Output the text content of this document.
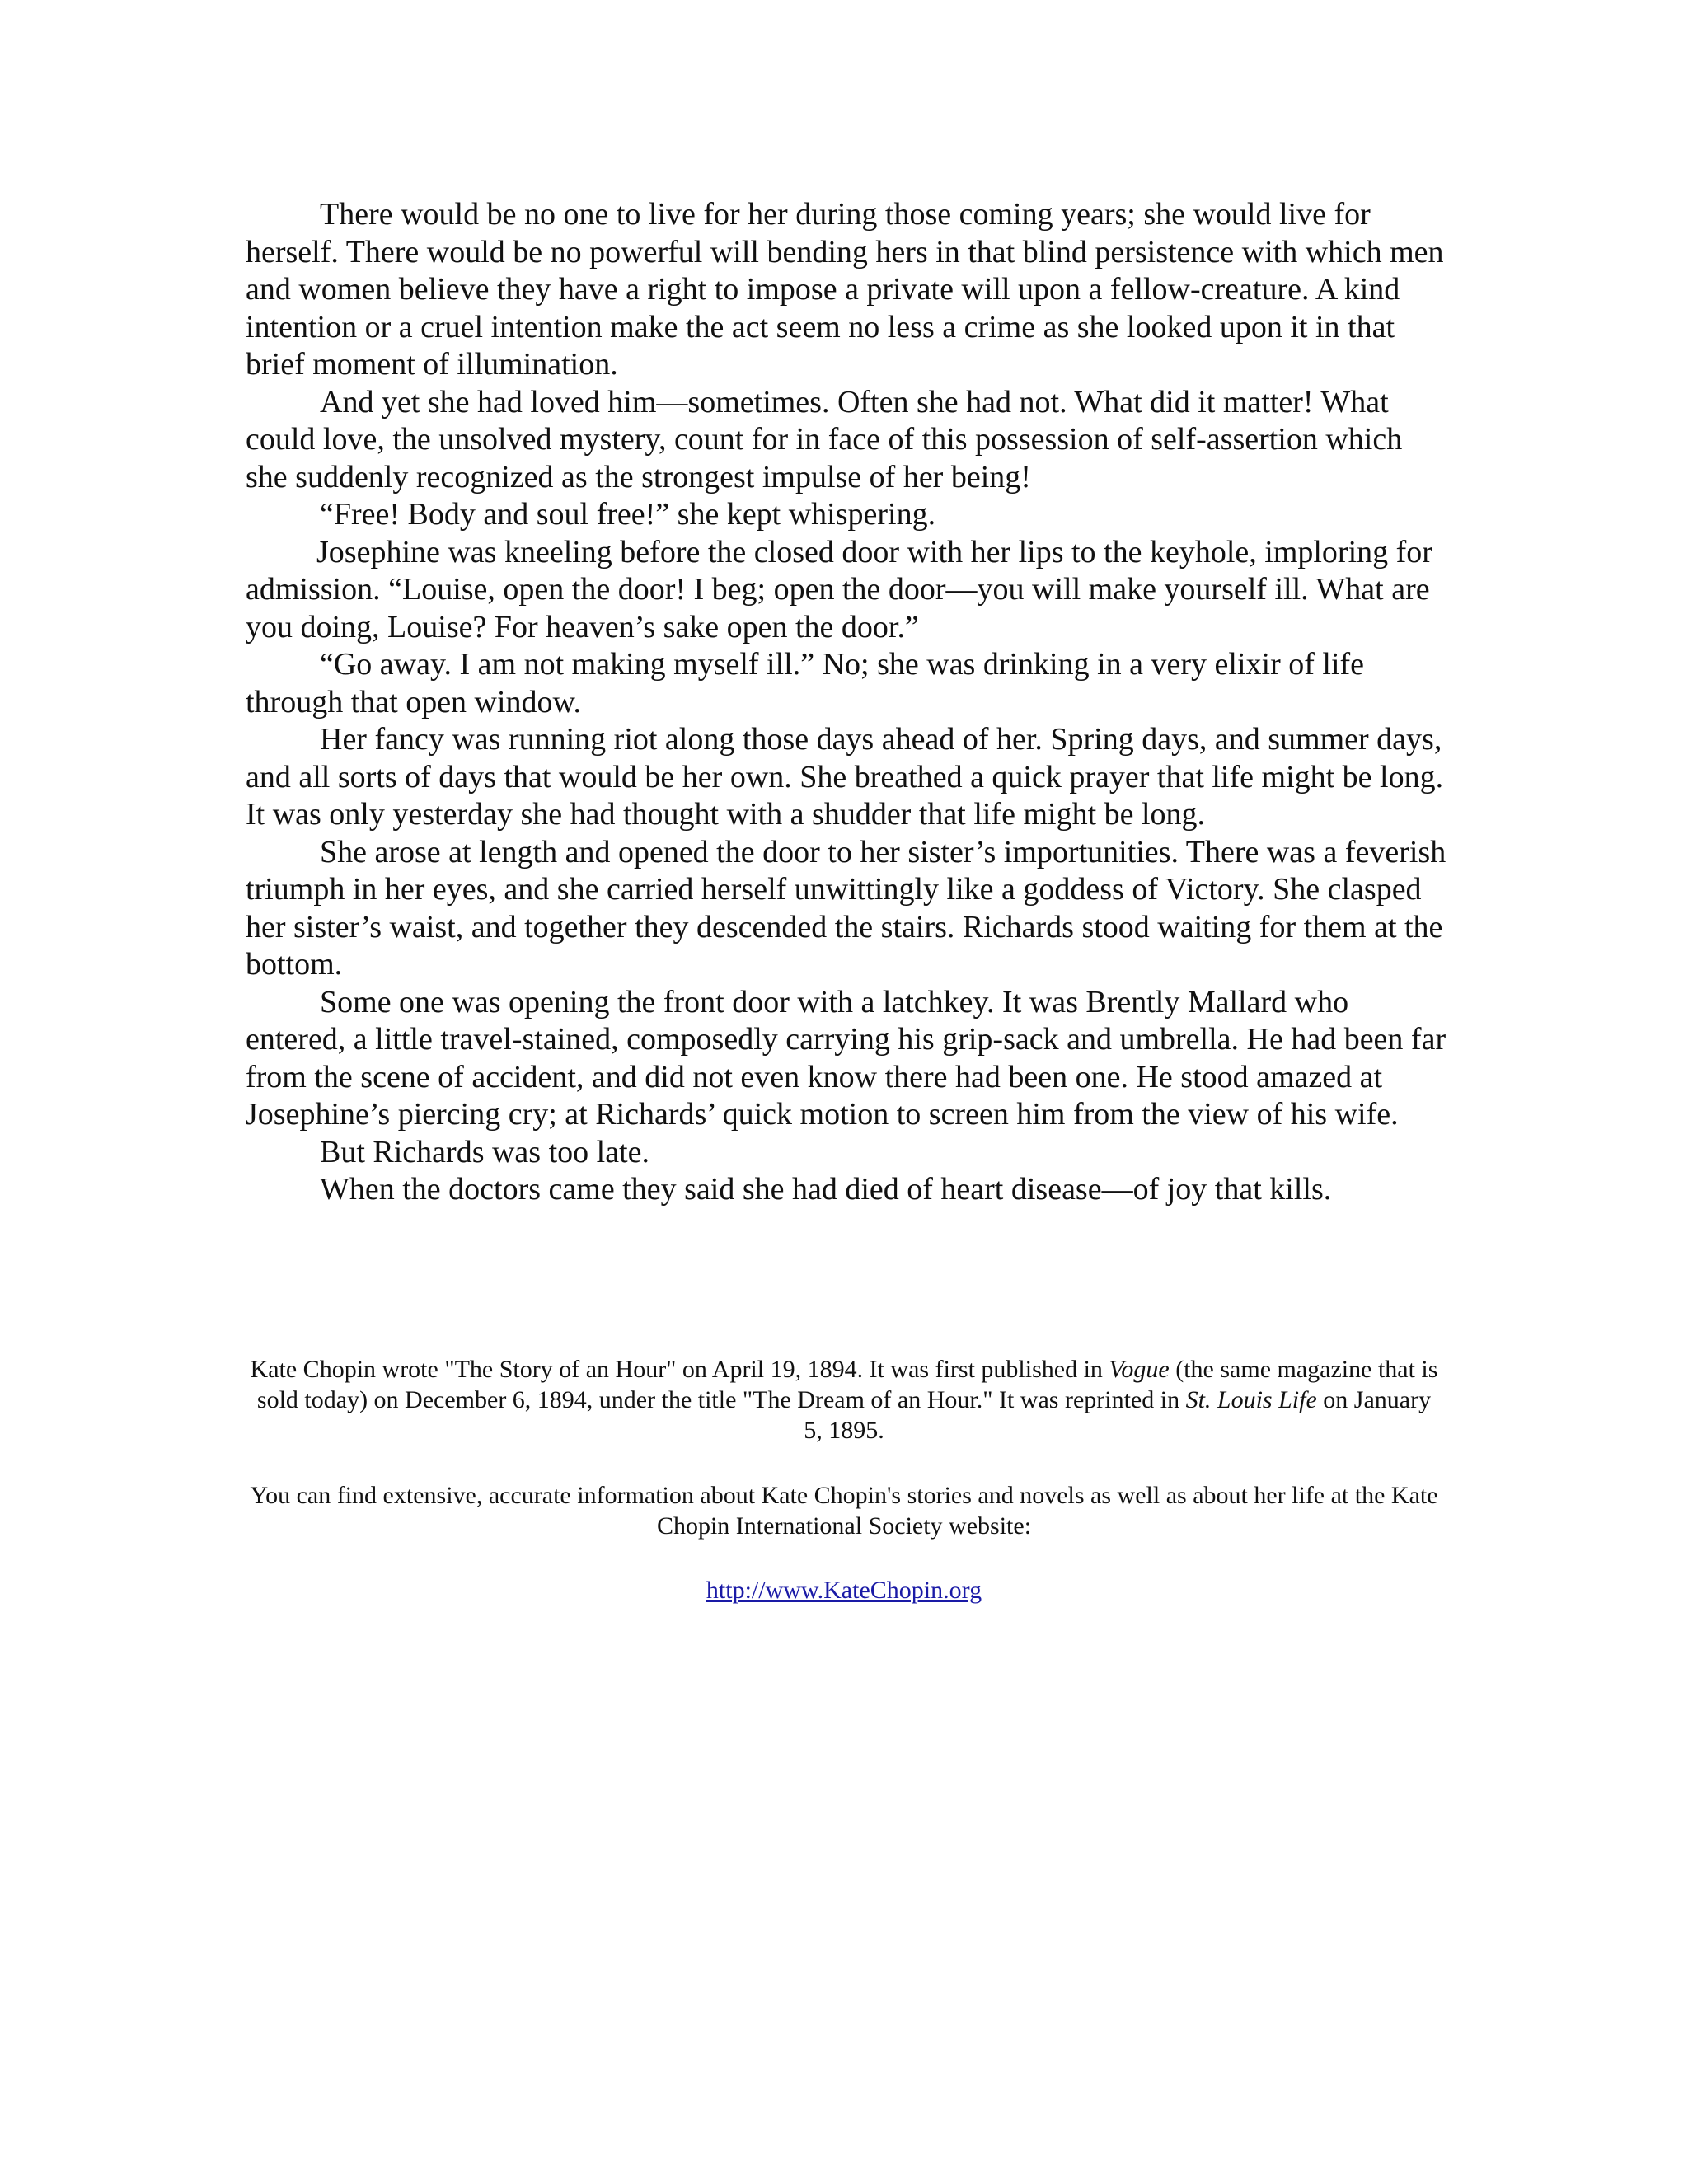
There would be no one to live for her during those coming years; she would live for herself. There would be no powerful will bending hers in that blind persistence with which men and women believe they have a right to impose a private will upon a fellow-creature. A kind intention or a cruel intention make the act seem no less a crime as she looked upon it in that brief moment of illumination.

And yet she had loved him—sometimes. Often she had not. What did it matter! What could love, the unsolved mystery, count for in face of this possession of self-assertion which she suddenly recognized as the strongest impulse of her being!

“Free! Body and soul free!” she kept whispering.

Josephine was kneeling before the closed door with her lips to the keyhole, imploring for admission. “Louise, open the door! I beg; open the door—you will make yourself ill. What are you doing, Louise? For heaven’s sake open the door.”

“Go away. I am not making myself ill.” No; she was drinking in a very elixir of life through that open window.

Her fancy was running riot along those days ahead of her. Spring days, and summer days, and all sorts of days that would be her own. She breathed a quick prayer that life might be long. It was only yesterday she had thought with a shudder that life might be long.

She arose at length and opened the door to her sister’s importunities. There was a feverish triumph in her eyes, and she carried herself unwittingly like a goddess of Victory. She clasped her sister’s waist, and together they descended the stairs. Richards stood waiting for them at the bottom.

Some one was opening the front door with a latchkey. It was Brently Mallard who entered, a little travel-stained, composedly carrying his grip-sack and umbrella. He had been far from the scene of accident, and did not even know there had been one. He stood amazed at Josephine’s piercing cry; at Richards’ quick motion to screen him from the view of his wife.

But Richards was too late.

When the doctors came they said she had died of heart disease—of joy that kills.

Kate Chopin wrote "The Story of an Hour" on April 19, 1894. It was first published in Vogue (the same magazine that is sold today) on December 6, 1894, under the title "The Dream of an Hour." It was reprinted in St. Louis Life on January 5, 1895.

You can find extensive, accurate information about Kate Chopin's stories and novels as well as about her life at the Kate Chopin International Society website:

http://www.KateChopin.org
